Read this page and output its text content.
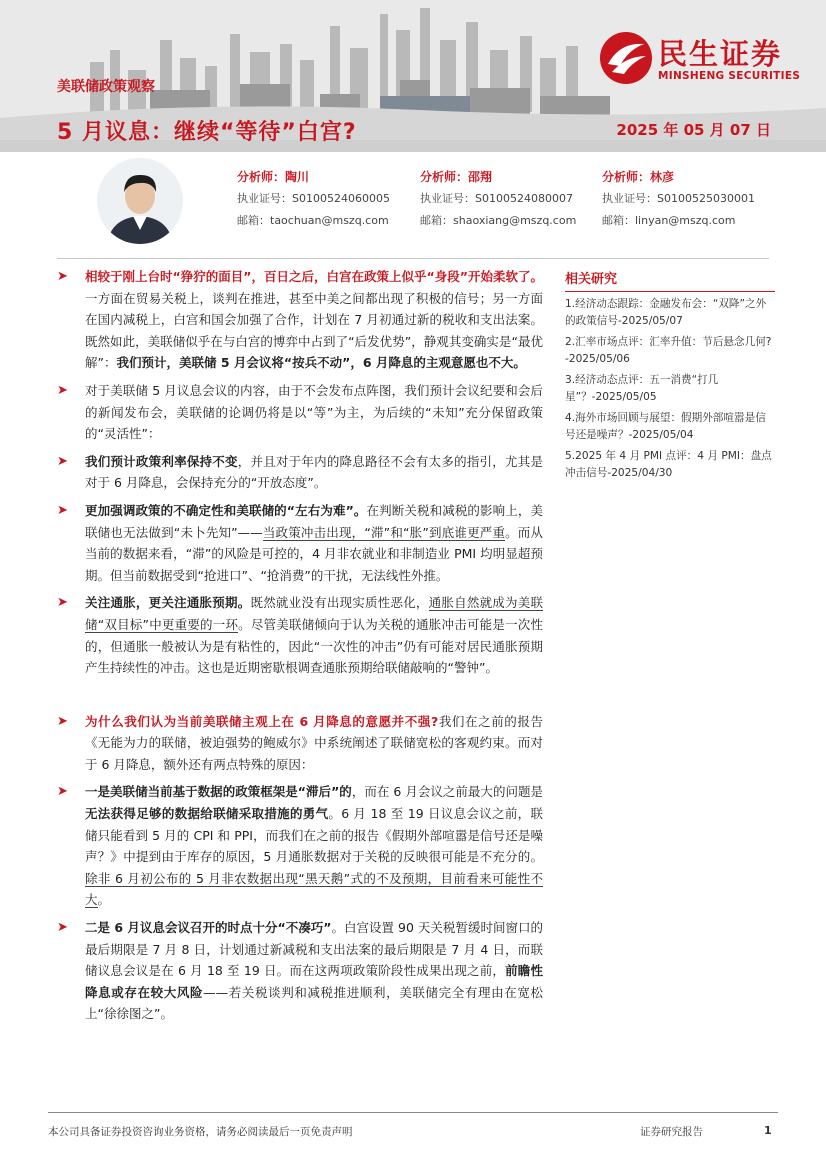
美联储政策观察
5 月议息：继续“等待”白宫?	2025 年 05 月 07 日
民生证券
MINSHENG SECURITIES
分析师：陶川
执业证号：S0100524060005
邮箱：taochuan@mszq.com
分析师：邵翔
执业证号：S0100524080007
邮箱：shaoxiang@mszq.com
分析师：林彦
执业证号：S0100525030001
邮箱：linyan@mszq.com
➤ 相较于刚上台时“狰狞的面目”，百日之后，白宫在政策上似乎“身段”开始柔软了。一方面在贸易关税上，谈判在推进，甚至中美之间都出现了积极的信号；另一方面在国内减税上，白宫和国会加强了合作，计划在 7 月初通过新的税收和支出法案。既然如此，美联储似乎在与白宫的博弈中占到了“后发优势”，静观其变确实是“最优解”：我们预计，美联储 5 月会议将“按兵不动”，6 月降息的主观意愿也不大。
➤ 对于美联储 5 月议息会议的内容，由于不会发布点阵图，我们预计会议纪要和会后的新闻发布会，美联储的论调仍将是以“等”为主，为后续的“未知”充分保留政策的“灵活性”：
➤ 我们预计政策利率保持不变，并且对于年内的降息路径不会有太多的指引，尤其是对于 6 月降息，会保持充分的“开放态度”。
➤ 更加强调政策的不确定性和美联储的“左右为难”。在判断关税和减税的影响上，美联储也无法做到“未卜先知”——当政策冲击出现，“滞”和“胀”到底谁更严重。而从当前的数据来看，“滞”的风险是可控的，4 月非农就业和非制造业 PMI 均明显超预期。但当前数据受到“抢进口”、“抢消费”的干扰，无法线性外推。
➤ 关注通胀，更关注通胀预期。既然就业没有出现实质性恶化，通胀自然就成为美联储“双目标”中更重要的一环。尽管美联储倾向于认为关税的通胀冲击可能是一次性的，但通胀一般被认为是有粘性的，因此“一次性的冲击”仍有可能对居民通胀预期产生持续性的冲击。这也是近期密歇根调查通胀预期给联储敲响的“警钟”。
➤ 为什么我们认为当前美联储主观上在 6 月降息的意愿并不强?我们在之前的报告《无能为力的联储，被迫强势的鲍威尔》中系统阐述了联储宽松的客观约束。而对于 6 月降息，额外还有两点特殊的原因：
➤ 一是美联储当前基于数据的政策框架是“滞后”的，而在 6 月会议之前最大的问题是无法获得足够的数据给联储采取措施的勇气。6 月 18 至 19 日议息会议之前，联储只能看到 5 月的 CPI 和 PPI，而我们在之前的报告《假期外部喧嚣是信号还是噪声？》中提到由于库存的原因，5 月通胀数据对于关税的反映很可能是不充分的。除非 6 月初公布的 5 月非农数据出现“黑天鹅”式的不及预期，目前看来可能性不大。
➤ 二是 6 月议息会议召开的时点十分“不凑巧”。白宫设置 90 天关税暂缓时间窗口的最后期限是 7 月 8 日，计划通过新减税和支出法案的最后期限是 7 月 4 日，而联储议息会议是在 6 月 18 至 19 日。而在这两项政策阶段性成果出现之前，前瞻性降息或存在较大风险——若关税谈判和减税推进顺利，美联储完全有理由在宽松上“徐徐图之”。
相关研究
1.经济动态跟踪：金融发布会：“双降”之外的政策信号-2025/05/07
2.汇率市场点评：汇率升值：节后悬念几何?-2025/05/06
3.经济动态点评：五一消费“打几星”？-2025/05/05
4.海外市场回顾与展望：假期外部喧嚣是信号还是噪声？-2025/05/04
5.2025 年 4 月 PMI 点评：4 月 PMI：盘点冲击信号-2025/04/30
本公司具备证券投资咨询业务资格，请务必阅读最后一页免责声明	证券研究报告	1
